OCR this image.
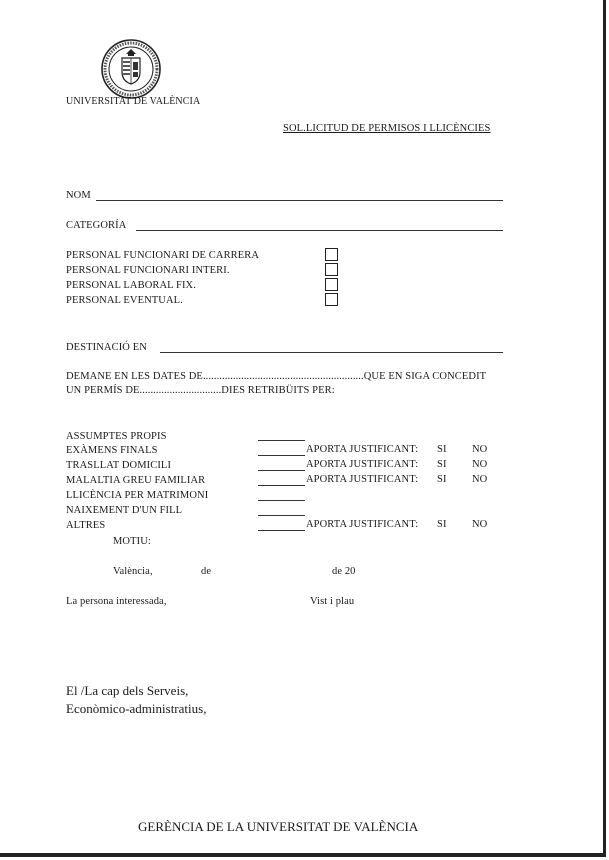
UNIVERSITAT DE VALÈNCIA
SOL.LICITUD DE PERMISOS I LLICÈNCIES
NOM
CATEGORÍA
PERSONAL FUNCIONARI DE CARRERA
PERSONAL FUNCIONARI INTERI.
PERSONAL LABORAL FIX.
PERSONAL EVENTUAL.
DESTINACIÓ EN
DEMANE EN LES DATES DE...........................................................QUE EN SIGA CONCEDIT
UN PERMÍS DE..............................DIES RETRIBÜITS PER:
ASSUMPTES PROPIS
EXÀMENS FINALS	APORTA JUSTIFICANT: SI NO
TRASLLAT DOMICILI	APORTA JUSTIFICANT: SI NO
MALALTIA GREU FAMILIAR	APORTA JUSTIFICANT: SI NO
LLICÈNCIA PER MATRIMONI
NAIXEMENT D'UN FILL
ALTRES	APORTA JUSTIFICANT: SI NO
MOTIU:
València,	de	de 20
La persona interessada,	Vist i plau
El /La cap dels Serveis,
Econòmico-administratius,
GERÈNCIA DE LA UNIVERSITAT DE VALÈNCIA
